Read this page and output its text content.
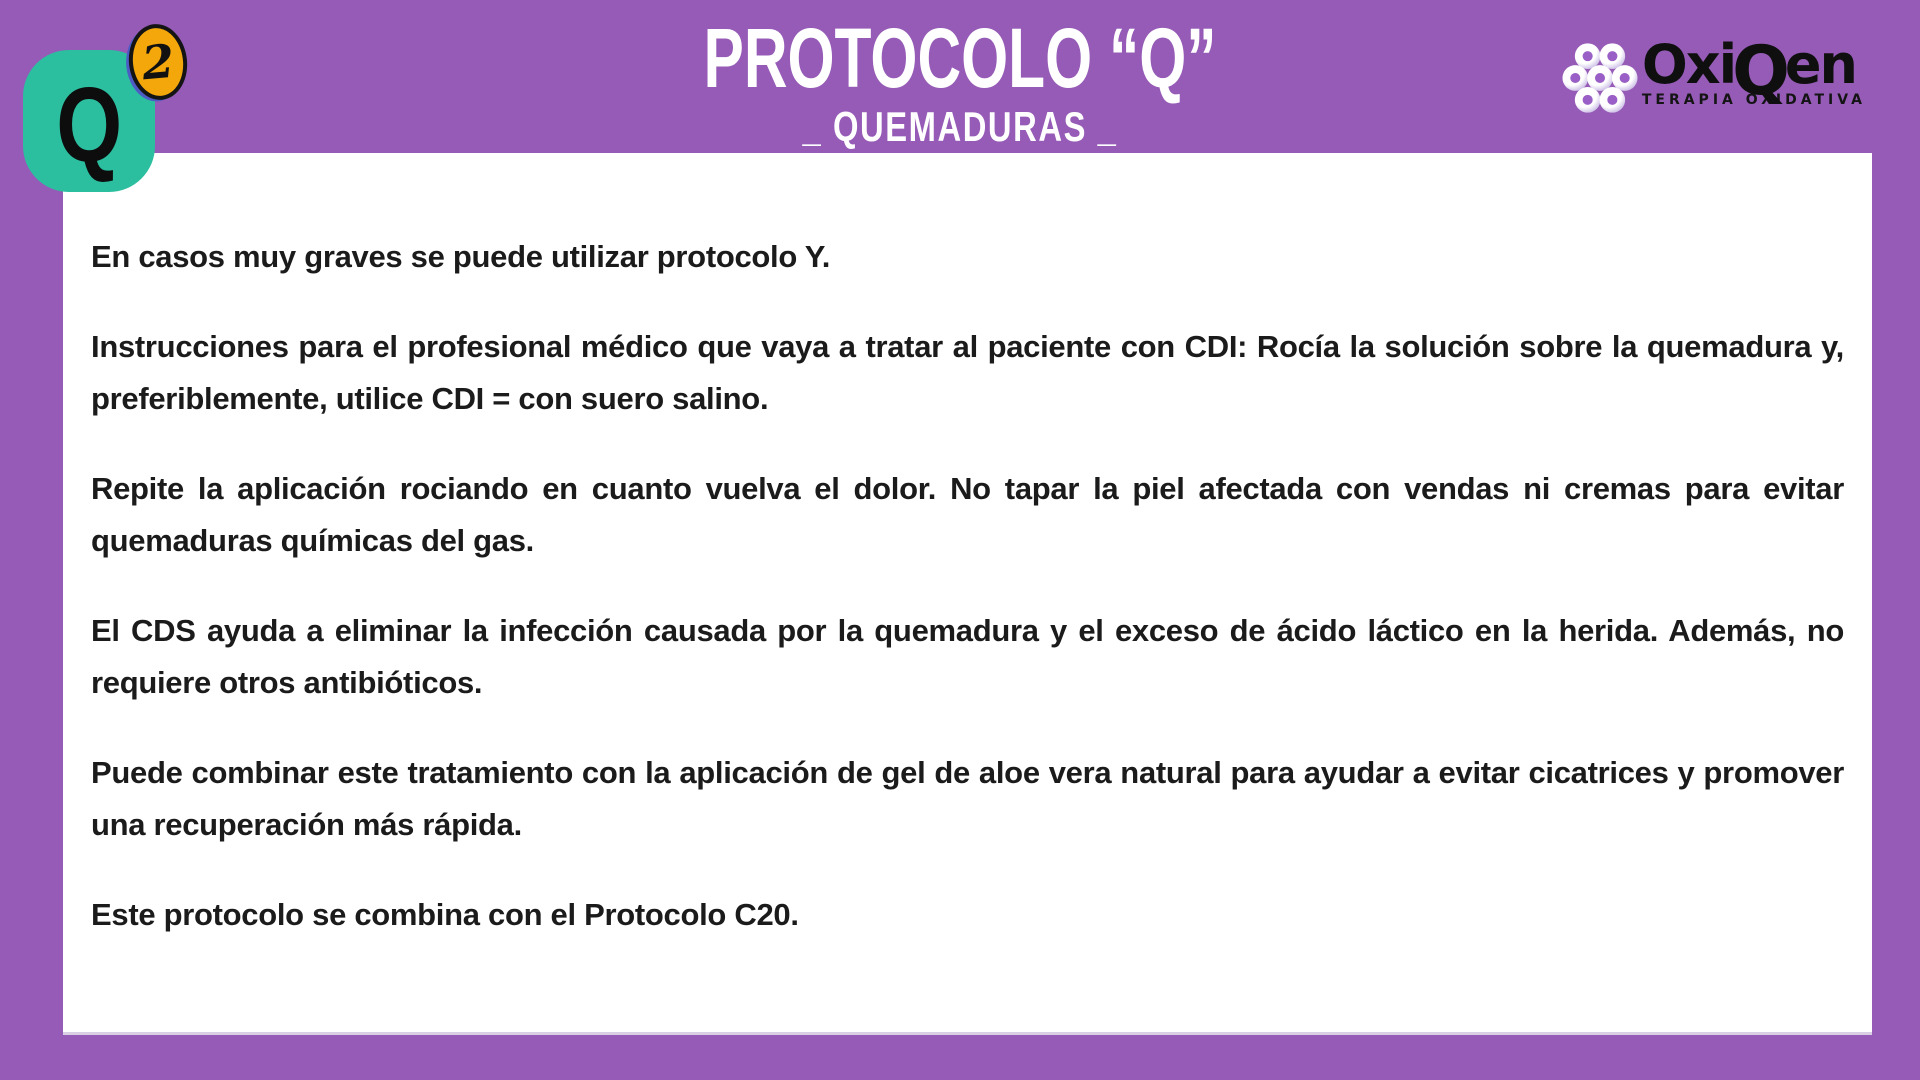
PROTOCOLO “Q”
_ QUEMADURAS _
Q
2	Oxi
Q
en
TERAPIA OXIDATIVA

En casos muy graves se puede utilizar protocolo Y.

Instrucciones para el profesional médico que vaya a tratar al paciente con CDI: Rocía la solución sobre la quemadura y, preferiblemente, utilice CDI = con suero salino.

Repite la aplicación rociando en cuanto vuelva el dolor. No tapar la piel afectada con vendas ni cremas para evitar quemaduras químicas del gas.

El CDS ayuda a eliminar la infección causada por la quemadura y el exceso de ácido láctico en la herida. Además, no requiere otros antibióticos.

Puede combinar este tratamiento con la aplicación de gel de aloe vera natural para ayudar a evitar cicatrices y promover una recuperación más rápida.

Este protocolo se combina con el Protocolo C20.
